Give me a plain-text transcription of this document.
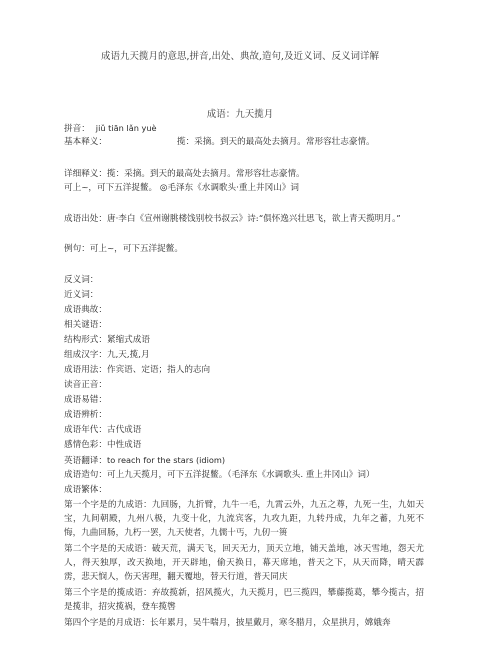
成语九天揽月的意思,拼音,出处、典故,造句,及近义词、反义词详解
成语：九天揽月
拼音： jiǔ tiān lǎn yuè
基本释义：	揽：采摘。到天的最高处去摘月。常形容壮志豪情。
详细释义：揽：采摘。到天的最高处去摘月。常形容壮志豪情。
可上~，可下五洋捉鳖。 ◎毛泽东《水调歌头·重上井冈山》词
成语出处：唐·李白《宣州谢朓楼饯别校书叔云》诗:“俱怀逸兴壮思飞，欲上青天揽明月。”
例句：可上~，可下五洋捉鳖。
反义词：
近义词：
成语典故：
相关谜语：
结构形式：紧缩式成语
组成汉字：九,天,揽,月
成语用法：作宾语、定语；指人的志向
读音正音：
成语易错：
成语辨析：
成语年代：古代成语
感情色彩：中性成语
英语翻译：to reach for the stars (idiom)
成语造句：可上九天揽月，可下五洋捉鳖。（毛泽东《水调歌头. 重上井冈山》词）
成语繁体：
第一个字是的九成语：九回肠，九折臂，九牛一毛，九霄云外，九五之尊，九死一生，九如天宝，九间朝殿，九州八极，九变十化，九流宾客，九攻九距，九转丹成，九年之蓄，九死不悔，九曲回肠，九朽一罢，九天使者，九儒十丐，九仞一篑
第二个字是的天成语：破天荒，满天飞，回天无力，顶天立地，铺天盖地，冰天雪地，怨天尤人，得天独厚，改天换地，开天辟地，偷天换日，幕天席地，普天之下，从天而降，晴天霹雳，悲天悯人，伤天害理，翻天覆地，替天行道，普天同庆
第三个字是的揽成语：弃故揽新，招风揽火，九天揽月，巴三揽四，攀藤揽葛，攀今揽古，招是揽非，招灾揽祸，登车揽辔
第四个字是的月成语：长年累月，吴牛喘月，披星戴月，寒冬腊月，众星拱月，嫦娥奔
